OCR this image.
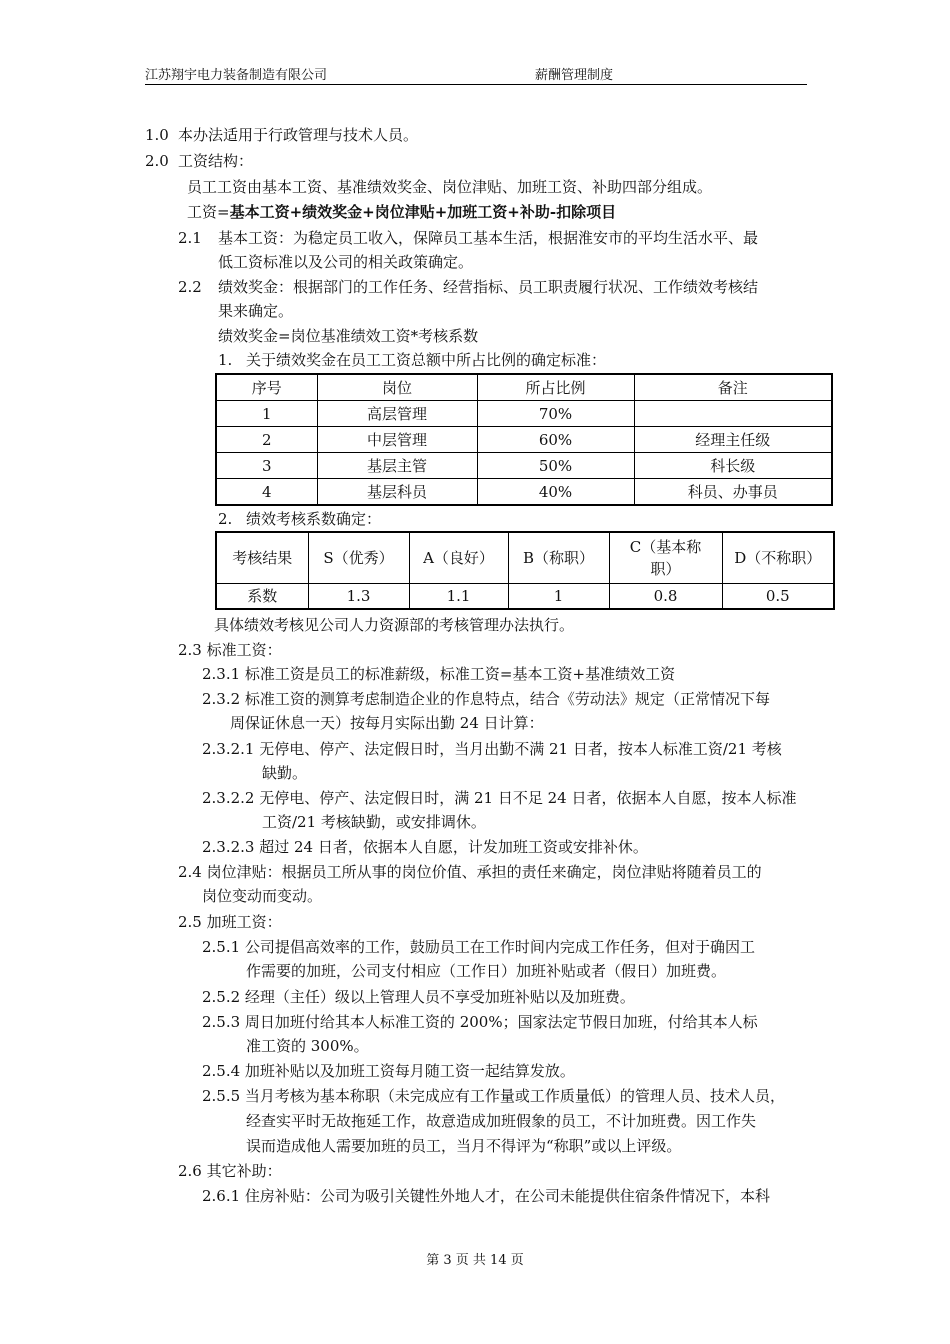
江苏翔宇电力装备制造有限公司	薪酬管理制度
1.0 本办法适用于行政管理与技术人员。
2.0 工资结构：
员工工资由基本工资、基准绩效奖金、岗位津贴、加班工资、补助四部分组成。
工资=基本工资+绩效奖金+岗位津贴+加班工资+补助-扣除项目
2.1 基本工资：为稳定员工收入，保障员工基本生活，根据淮安市的平均生活水平、最
低工资标准以及公司的相关政策确定。
2.2 绩效奖金：根据部门的工作任务、经营指标、员工职责履行状况、工作绩效考核结
果来确定。
绩效奖金=岗位基准绩效工资*考核系数
1. 关于绩效奖金在员工工资总额中所占比例的确定标准：
序号	岗位	所占比例	备注
1	高层管理	70%	
2	中层管理	60%	经理主任级
3	基层主管	50%	科长级
4	基层科员	40%	科员、办事员
2. 绩效考核系数确定：
考核结果	S（优秀）	A（良好）	B（称职）	C（基本称职）	D（不称职）
系数	1.3	1.1	1	0.8	0.5
具体绩效考核见公司人力资源部的考核管理办法执行。
2.3 标准工资：
2.3.1 标准工资是员工的标准薪级，标准工资=基本工资+基准绩效工资
2.3.2 标准工资的测算考虑制造企业的作息特点，结合《劳动法》规定（正常情况下每
周保证休息一天）按每月实际出勤 24 日计算：
2.3.2.1 无停电、停产、法定假日时，当月出勤不满 21 日者，按本人标准工资/21 考核
缺勤。
2.3.2.2 无停电、停产、法定假日时，满 21 日不足 24 日者，依据本人自愿，按本人标准
工资/21 考核缺勤，或安排调休。
2.3.2.3 超过 24 日者，依据本人自愿，计发加班工资或安排补休。
2.4 岗位津贴：根据员工所从事的岗位价值、承担的责任来确定，岗位津贴将随着员工的
岗位变动而变动。
2.5 加班工资：
2.5.1 公司提倡高效率的工作，鼓励员工在工作时间内完成工作任务，但对于确因工
作需要的加班，公司支付相应（工作日）加班补贴或者（假日）加班费。
2.5.2 经理（主任）级以上管理人员不享受加班补贴以及加班费。
2.5.3 周日加班付给其本人标准工资的 200%；国家法定节假日加班，付给其本人标
准工资的 300%。
2.5.4 加班补贴以及加班工资每月随工资一起结算发放。
2.5.5 当月考核为基本称职（未完成应有工作量或工作质量低）的管理人员、技术人员，
经查实平时无故拖延工作，故意造成加班假象的员工，不计加班费。因工作失
误而造成他人需要加班的员工，当月不得评为“称职”或以上评级。
2.6 其它补助：
2.6.1 住房补贴：公司为吸引关键性外地人才，在公司未能提供住宿条件情况下，本科
第 3 页 共 14 页
